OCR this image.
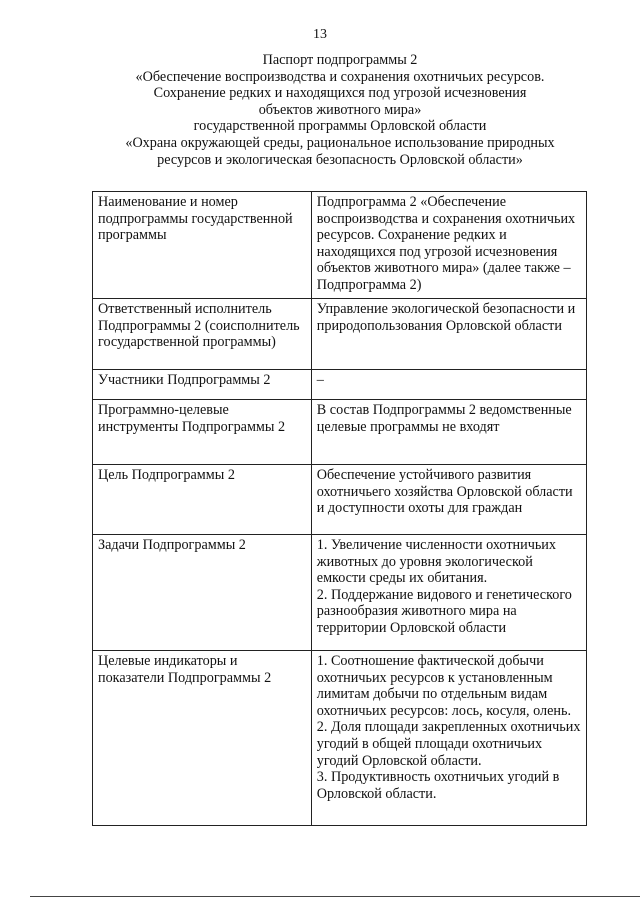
13
Паспорт подпрограммы 2
«Обеспечение воспроизводства и сохранения охотничьих ресурсов.
Сохранение редких и находящихся под угрозой исчезновения
объектов животного мира»
государственной программы Орловской области
«Охрана окружающей среды, рациональное использование природных
ресурсов и экологическая безопасность Орловской области»
Наименование и номер подпрограммы государственной программы	Подпрограмма 2 «Обеспечение воспроизводства и сохранения охотничьих ресурсов. Сохранение редких и находящихся под угрозой исчезновения объектов животного мира» (далее также – Подпрограмма 2)
Ответственный исполнитель Подпрограммы 2 (соисполнитель государственной программы)	Управление экологической безопасности и природопользования Орловской области
Участники Подпрограммы 2	–
Программно-целевые инструменты Подпрограммы 2	В состав Подпрограммы 2 ведомственные целевые программы не входят
Цель Подпрограммы 2	Обеспечение устойчивого развития охотничьего хозяйства Орловской области и доступности охоты для граждан
Задачи Подпрограммы 2	1. Увеличение численности охотничьих животных до уровня экологической емкости среды их обитания.
2. Поддержание видового и генетического разнообразия животного мира на территории Орловской области
Целевые индикаторы и показатели Подпрограммы 2	1. Соотношение фактической добычи охотничьих ресурсов к установленным лимитам добычи по отдельным видам охотничьих ресурсов: лось, косуля, олень.
2. Доля площади закрепленных охотничьих угодий в общей площади охотничьих угодий Орловской области.
3. Продуктивность охотничьих угодий в Орловской области.
